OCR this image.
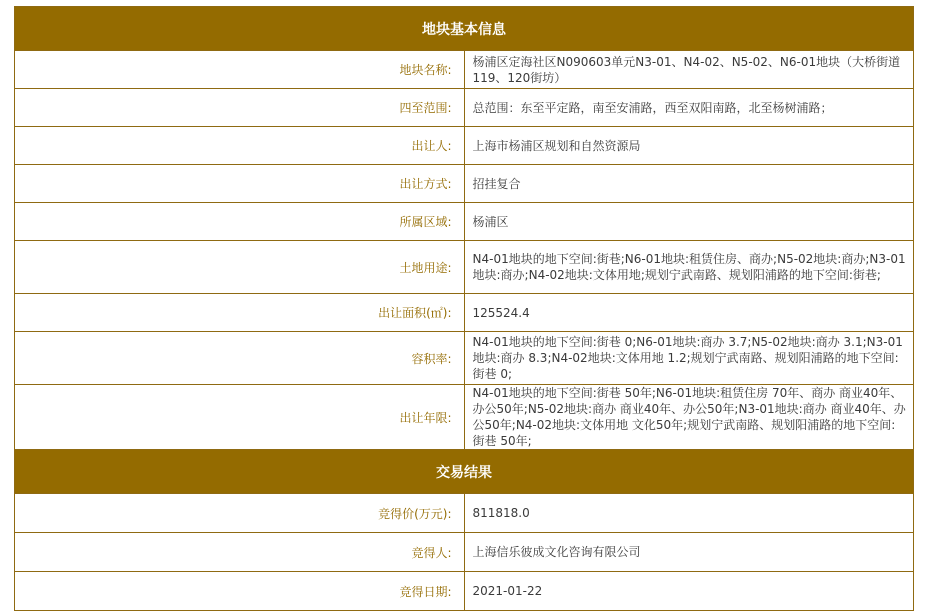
地块基本信息	
地块名称:	杨浦区定海社区N090603单元N3-01、N4-02、N5-02、N6-01地块（大桥街道119、120街坊）
四至范围:	总范围：东至平定路，南至安浦路，西至双阳南路，北至杨树浦路；
出让人:	上海市杨浦区规划和自然资源局
出让方式:	招挂复合
所属区域:	杨浦区
土地用途:	N4-01地块的地下空间:街巷;N6-01地块:租赁住房、商办;N5-02地块:商办;N3-01地块:商办;N4-02地块:文体用地;规划宁武南路、规划阳浦路的地下空间:街巷;
出让面积(㎡):	125524.4
容积率:	N4-01地块的地下空间:街巷 0;N6-01地块:商办 3.7;N5-02地块:商办 3.1;N3-01地块:商办 8.3;N4-02地块:文体用地 1.2;规划宁武南路、规划阳浦路的地下空间:街巷 0;
出让年限:	N4-01地块的地下空间:街巷 50年;N6-01地块:租赁住房 70年、商办 商业40年、办公50年;N5-02地块:商办 商业40年、办公50年;N3-01地块:商办 商业40年、办公50年;N4-02地块:文体用地 文化50年;规划宁武南路、规划阳浦路的地下空间:街巷 50年;
交易结果	
竞得价(万元):	811818.0
竞得人:	上海信乐彼成文化咨询有限公司
竞得日期:	2021-01-22
